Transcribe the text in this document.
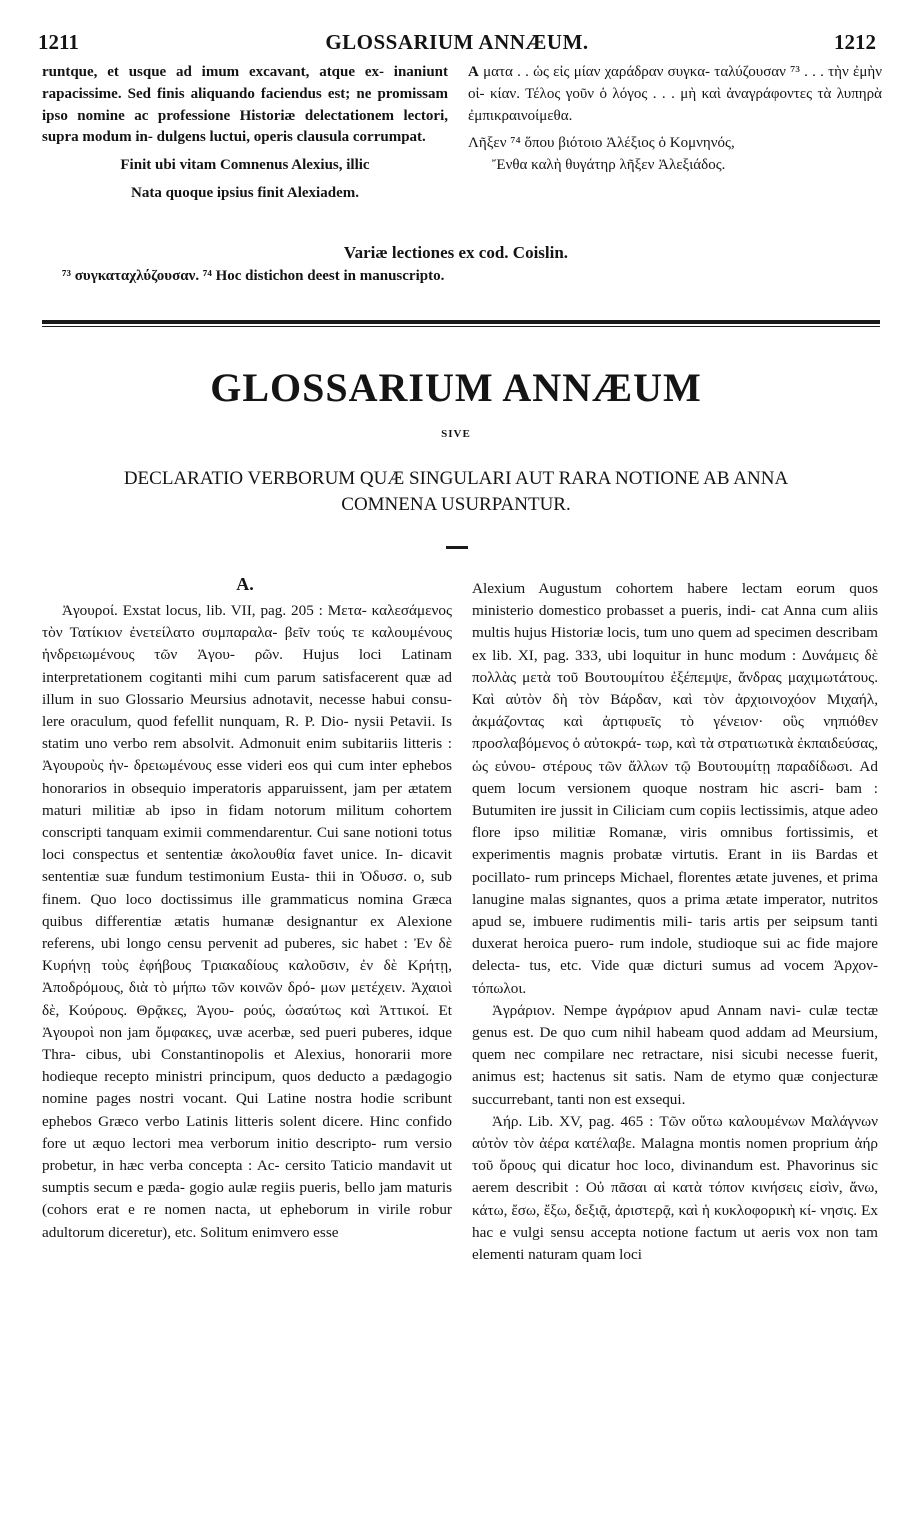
1211	GLOSSARIUM ANNÆUM.	1212

runtque, et usque ad imum excavant, atque ex- inaniunt rapacissime. Sed finis aliquando faciendus est; ne promissam ipso nomine ac professione Historiæ delectationem lectori, supra modum in- dulgens luctui, operis clausula corrumpat.

Finit ubi vitam Comnenus Alexius, illic

Nata quoque ipsius finit Alexiadem.

A ματα . . ὡς εἰς μίαν χαράδραν συγκα- ταλύζουσαν ⁷³ . . . τὴν ἐμὴν οἰ- κίαν. Τέλος γοῦν ὁ λόγος . . . μὴ καὶ ἀναγράφοντες τὰ λυπηρὰ ἐμπικραινοίμεθα.

Λῆξεν ⁷⁴ ὅπου βιότοιο Ἀλέξιος ὁ Κομνηνός,

Ἔνθα καλὴ θυγάτηρ λῆξεν Ἀλεξιάδος.

Variæ lectiones ex cod. Coislin.
⁷³ συγκαταχλύζουσαν. ⁷⁴ Hoc distichon deest in manuscripto.
GLOSSARIUM ANNÆUM
SIVE
DECLARATIO VERBORUM QUÆ SINGULARI AUT RARA NOTIONE AB ANNA COMNENA USURPANTUR.
A.

Ἀγουροί. Exstat locus, lib. VII, pag. 205 : Μετα- καλεσάμενος τὸν Τατίκιον ἐνετείλατο συμπαραλα- βεῖν τούς τε καλουμένους ἡνδρειωμένους τῶν Ἀγου- ρῶν. Hujus loci Latinam interpretationem cogitanti mihi cum parum satisfacerent quæ ad illum in suo Glossario Meursius adnotavit, necesse habui consu- lere oraculum, quod fefellit nunquam, R. P. Dio- nysii Petavii. Is statim uno verbo rem absolvit. Admonuit enim subitariis litteris : Ἀγουροὺς ἠν- δρειωμένους esse videri eos qui cum inter ephebos honorarios in obsequio imperatoris apparuissent, jam per ætatem maturi militiæ ab ipso in fidam notorum militum cohortem conscripti tanquam eximii commendarentur. Cui sane notioni totus loci conspectus et sententiæ ἀκολουθία favet unice. In- dicavit sententiæ suæ fundum testimonium Eusta- thii in Ὀδυσσ. ο, sub finem. Quo loco doctissimus ille grammaticus nomina Græca quibus differentiæ ætatis humanæ designantur ex Alexione referens, ubi longo censu pervenit ad puberes, sic habet : Ἐν δὲ Κυρήνῃ τοὺς ἐφήβους Τριακαδίους καλοῦσιν, ἐν δὲ Κρήτῃ, Ἀποδρόμους, διὰ τὸ μήπω τῶν κοινῶν δρό- μων μετέχειν. Ἀχαιοὶ δὲ, Κούρους. Θρᾷκες, Ἀγου- ρούς, ὡσαύτως καὶ Ἀττικοί. Et Ἀγουροὶ non jam ὄμφακες, uvæ acerbæ, sed pueri puberes, idque Thra- cibus, ubi Constantinopolis et Alexius, honorarii more hodieque recepto ministri principum, quos deducto a pædagogio nomine pages nostri vocant. Qui Latine nostra hodie scribunt ephebos Græco verbo Latinis litteris solent dicere. Hinc confido fore ut æquo lectori mea verborum initio descripto- rum versio probetur, in hæc verba concepta : Ac- cersito Taticio mandavit ut sumptis secum e pæda- gogio aulæ regiis pueris, bello jam maturis (cohors erat e re nomen nacta, ut epheborum in virile robur adultorum diceretur), etc. Solitum enimvero esse

Alexium Augustum cohortem habere lectam eorum quos ministerio domestico probasset a pueris, indi- cat Anna cum aliis multis hujus Historiæ locis, tum uno quem ad specimen describam ex lib. XI, pag. 333, ubi loquitur in hunc modum : Δυνάμεις δὲ πολλὰς μετὰ τοῦ Βουτουμίτου ἐξέπεμψε, ἄνδρας μαχιμωτάτους. Καὶ αὐτὸν δὴ τὸν Βάρδαν, καὶ τὸν ἀρχιοινοχόον Μιχαήλ, ἀκμάζοντας καὶ ἀρτιφυεῖς τὸ γένειον· οὓς νηπιόθεν προσλαβόμενος ὁ αὐτοκρά- τωρ, καὶ τὰ στρατιωτικὰ ἐκπαιδεύσας, ὡς εὐνου- στέρους τῶν ἄλλων τῷ Βουτουμίτῃ παραδίδωσι. Ad quem locum versionem quoque nostram hic ascri- bam : Butumiten ire jussit in Ciliciam cum copiis lectissimis, atque adeo flore ipso militiæ Romanæ, viris omnibus fortissimis, et experimentis magnis probatæ virtutis. Erant in iis Bardas et pocillato- rum princeps Michael, florentes ætate juvenes, et prima lanugine malas signantes, quos a prima ætate imperator, nutritos apud se, imbuere rudimentis mili- taris artis per seipsum tanti duxerat heroica puero- rum indole, studioque sui ac fide majore delecta- tus, etc. Vide quæ dicturi sumus ad vocem Ἀρχον- τόπωλοι.

Ἀγράριον. Nempe ἀγράριον apud Annam navi- culæ tectæ genus est. De quo cum nihil habeam quod addam ad Meursium, quem nec compilare nec retractare, nisi sicubi necesse fuerit, animus est; hactenus sit satis. Nam de etymo quæ conjecturæ succurrebant, tanti non est exsequi.

Ἀήρ. Lib. XV, pag. 465 : Τῶν οὕτω καλουμένων Μαλάγνων αὐτὸν τὸν ἀέρα κατέλαβε. Malagna montis nomen proprium ἀήρ τοῦ ὄρους qui dicatur hoc loco, divinandum est. Phavorinus sic aerem describit : Οὐ πᾶσαι αἱ κατὰ τόπον κινήσεις εἰσὶν, ἄνω, κάτω, ἔσω, ἔξω, δεξιᾷ, ἀριστερᾷ, καὶ ἡ κυκλοφορικὴ κί- νησις. Ex hac e vulgi sensu accepta notione factum ut aeris vox non tam elementi naturam quam loci
